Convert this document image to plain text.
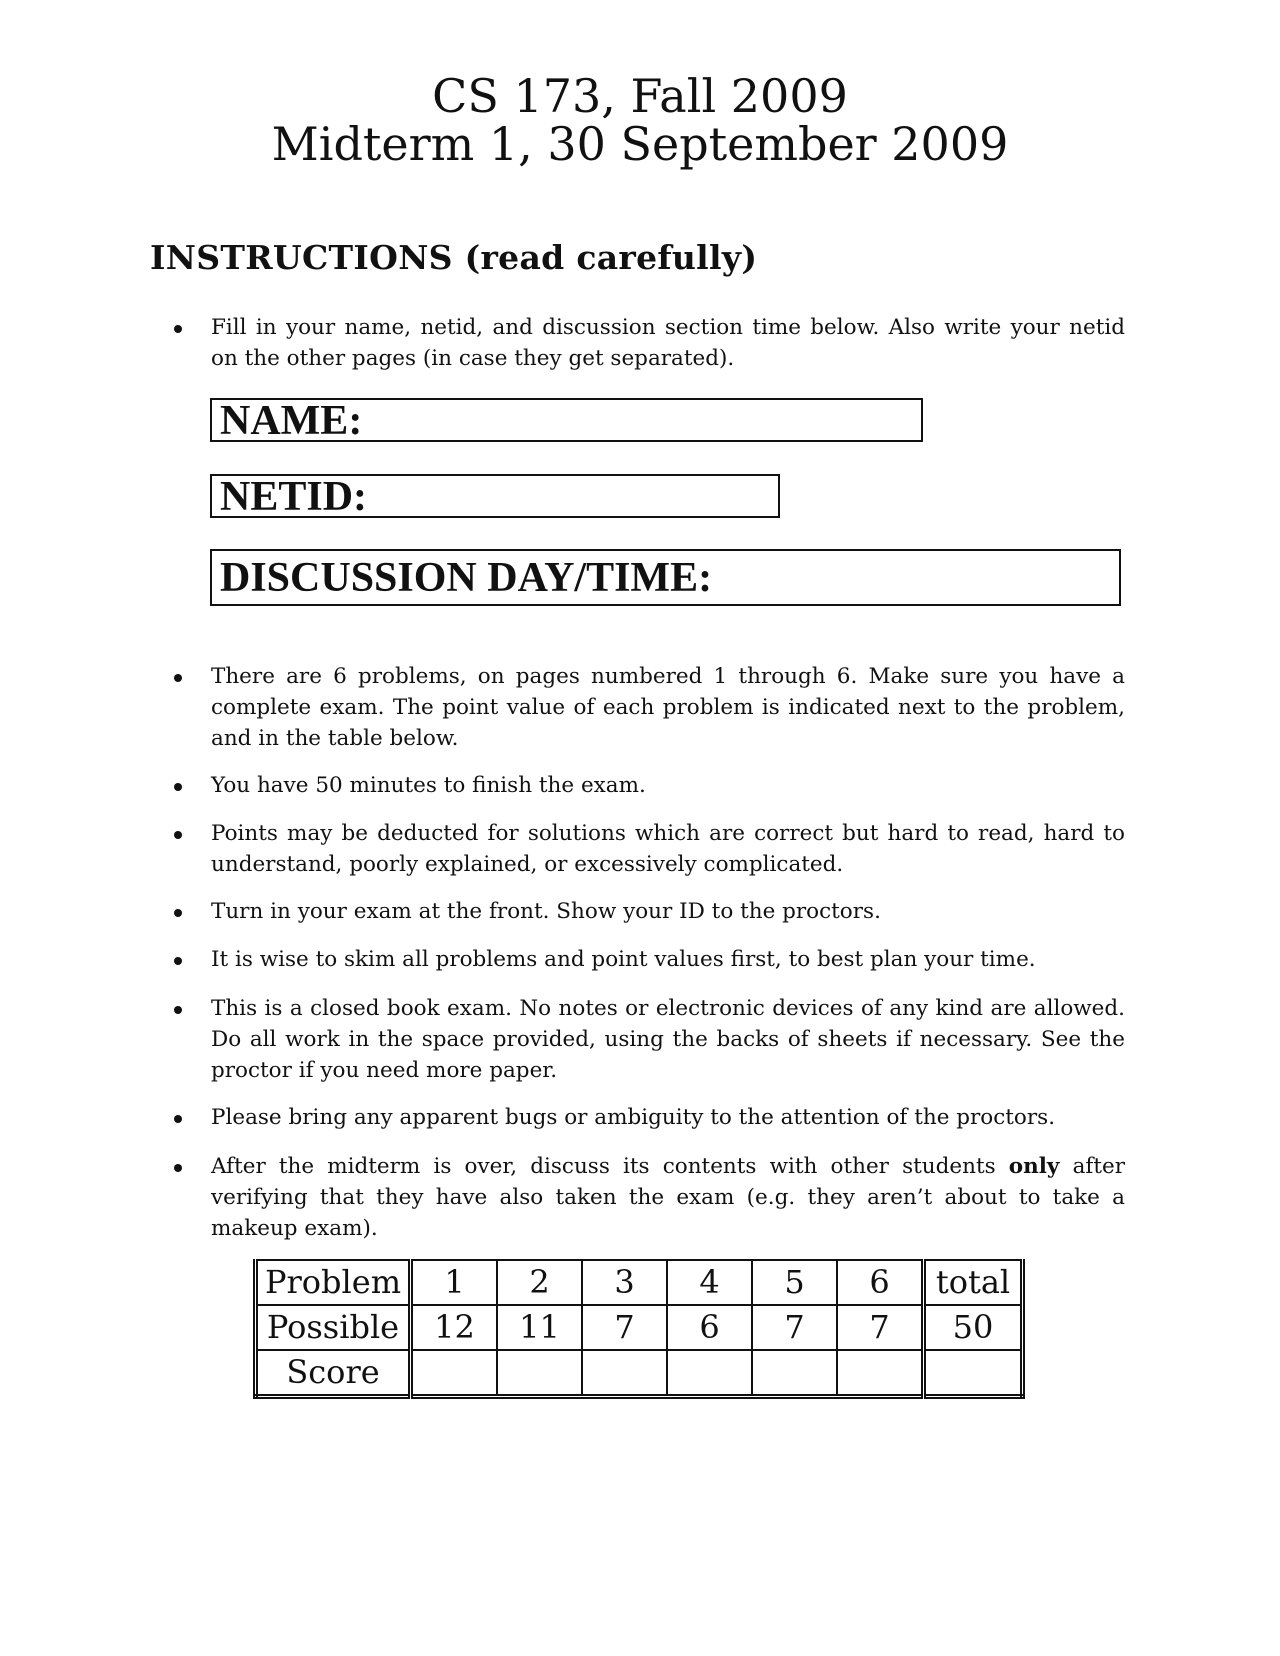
CS 173, Fall 2009
Midterm 1, 30 September 2009
INSTRUCTIONS (read carefully)
Fill in your name, netid, and discussion section time below. Also write your netid on the other pages (in case they get separated).
NAME:
NETID:
DISCUSSION DAY/TIME:
There are 6 problems, on pages numbered 1 through 6. Make sure you have a complete exam. The point value of each problem is indicated next to the problem, and in the table below.
You have 50 minutes to finish the exam.
Points may be deducted for solutions which are correct but hard to read, hard to understand, poorly explained, or excessively complicated.
Turn in your exam at the front. Show your ID to the proctors.
It is wise to skim all problems and point values first, to best plan your time.
This is a closed book exam. No notes or electronic devices of any kind are allowed. Do all work in the space provided, using the backs of sheets if necessary. See the proctor if you need more paper.
Please bring any apparent bugs or ambiguity to the attention of the proctors.
After the midterm is over, discuss its contents with other students only after verifying that they have also taken the exam (e.g. they aren’t about to take a makeup exam).
Problem	1	2	3	4	5	6	total
Possible	12	11	7	6	7	7	50
Score							
